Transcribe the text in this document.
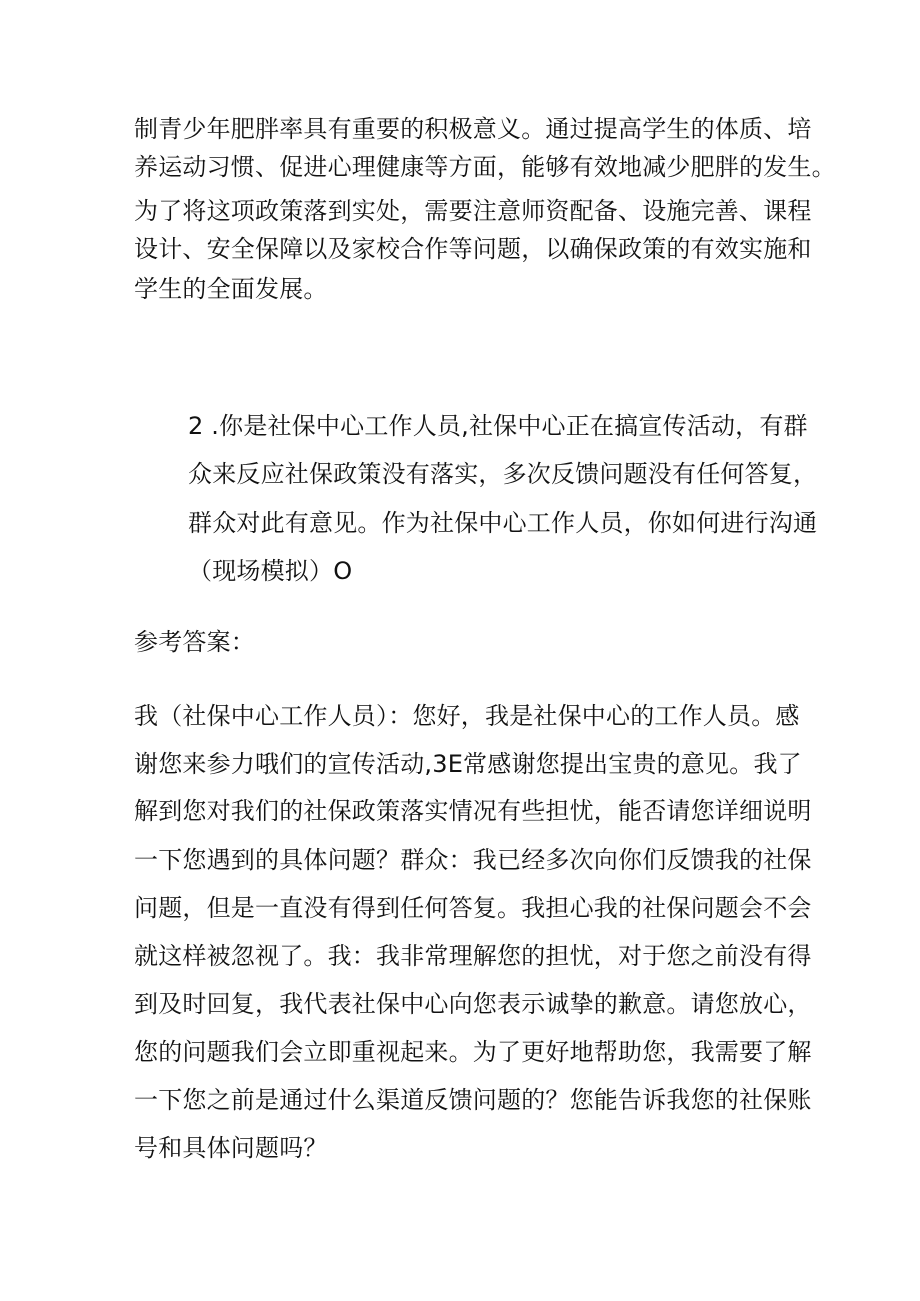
制青少年肥胖率具有重要的积极意义。通过提高学生的体质、培
养运动习惯、促进心理健康等方面，能够有效地减少肥胖的发生。
为了将这项政策落到实处，需要注意师资配备、设施完善、课程
设计、安全保障以及家校合作等问题，以确保政策的有效实施和
学生的全面发展。
2 .你是社保中心工作人员,社保中心正在搞宣传活动，有群
众来反应社保政策没有落实，多次反馈问题没有任何答复，
群众对此有意见。作为社保中心工作人员，你如何进行沟通
（现场模拟）O
参考答案：
我（社保中心工作人员）：您好，我是社保中心的工作人员。感
谢您来参力哦们的宣传活动,3E常感谢您提出宝贵的意见。我了
解到您对我们的社保政策落实情况有些担忧，能否请您详细说明
一下您遇到的具体问题？群众：我已经多次向你们反馈我的社保
问题，但是一直没有得到任何答复。我担心我的社保问题会不会
就这样被忽视了。我：我非常理解您的担忧，对于您之前没有得
到及时回复，我代表社保中心向您表示诚挚的歉意。请您放心，
您的问题我们会立即重视起来。为了更好地帮助您，我需要了解
一下您之前是通过什么渠道反馈问题的？您能告诉我您的社保账
号和具体问题吗？
